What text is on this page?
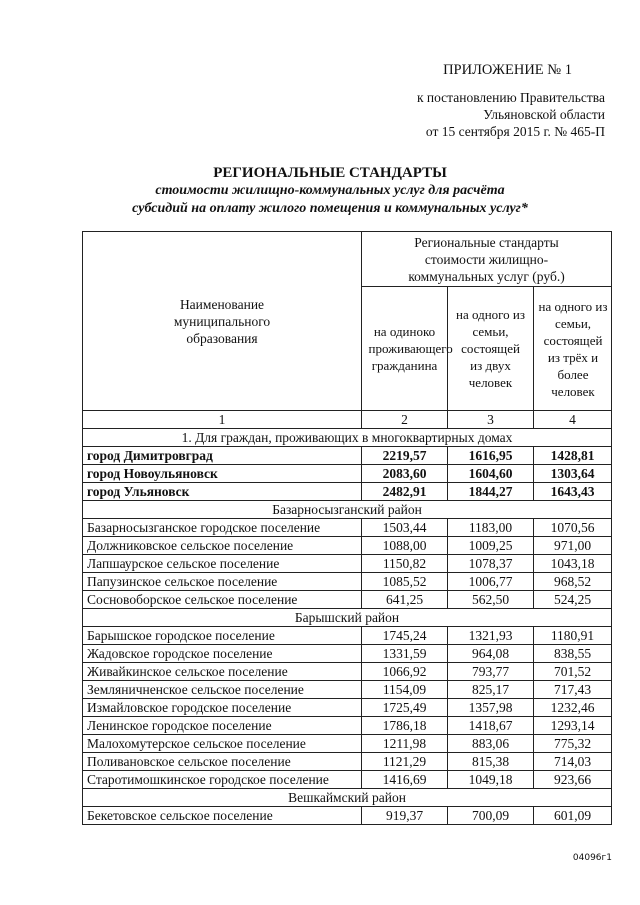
ПРИЛОЖЕНИЕ № 1
к постановлению Правительства
Ульяновской области
от 15 сентября 2015 г. № 465-П
РЕГИОНАЛЬНЫЕ СТАНДАРТЫ
стоимости жилищно-коммунальных услуг для расчёта
субсидий на оплату жилого помещения и коммунальных услуг*
Наименование муниципального образования	Региональные стандарты стоимости жилищно-коммунальных услуг (руб.)		

	на одиноко проживающего гражданина	на одного из семьи, состоящей из двух человек	на одного из семьи, состоящей из трёх и более человек

1	2	3	4
1. Для граждан, проживающих в многоквартирных домах			
город Димитровград	2219,57	1616,95	1428,81
город Новоульяновск	2083,60	1604,60	1303,64
город Ульяновск	2482,91	1844,27	1643,43
Базарносызганский район			
Базарносызганское городское поселение	1503,44	1183,00	1070,56
Должниковское сельское поселение	1088,00	1009,25	971,00
Лапшаурское сельское поселение	1150,82	1078,37	1043,18
Папузинское сельское поселение	1085,52	1006,77	968,52
Сосновоборское сельское поселение	641,25	562,50	524,25
Барышский район			
Барышское городское поселение	1745,24	1321,93	1180,91
Жадовское городское поселение	1331,59	964,08	838,55
Живайкинское сельское поселение	1066,92	793,77	701,52
Земляничненское сельское поселение	1154,09	825,17	717,43
Измайловское городское поселение	1725,49	1357,98	1232,46
Ленинское городское поселение	1786,18	1418,67	1293,14
Малохомутерское сельское поселение	1211,98	883,06	775,32
Поливановское сельское поселение	1121,29	815,38	714,03
Старотимошкинское городское поселение	1416,69	1049,18	923,66
Вешкаймский район			
Бекетовское сельское поселение	919,37	700,09	601,09
04096г1
